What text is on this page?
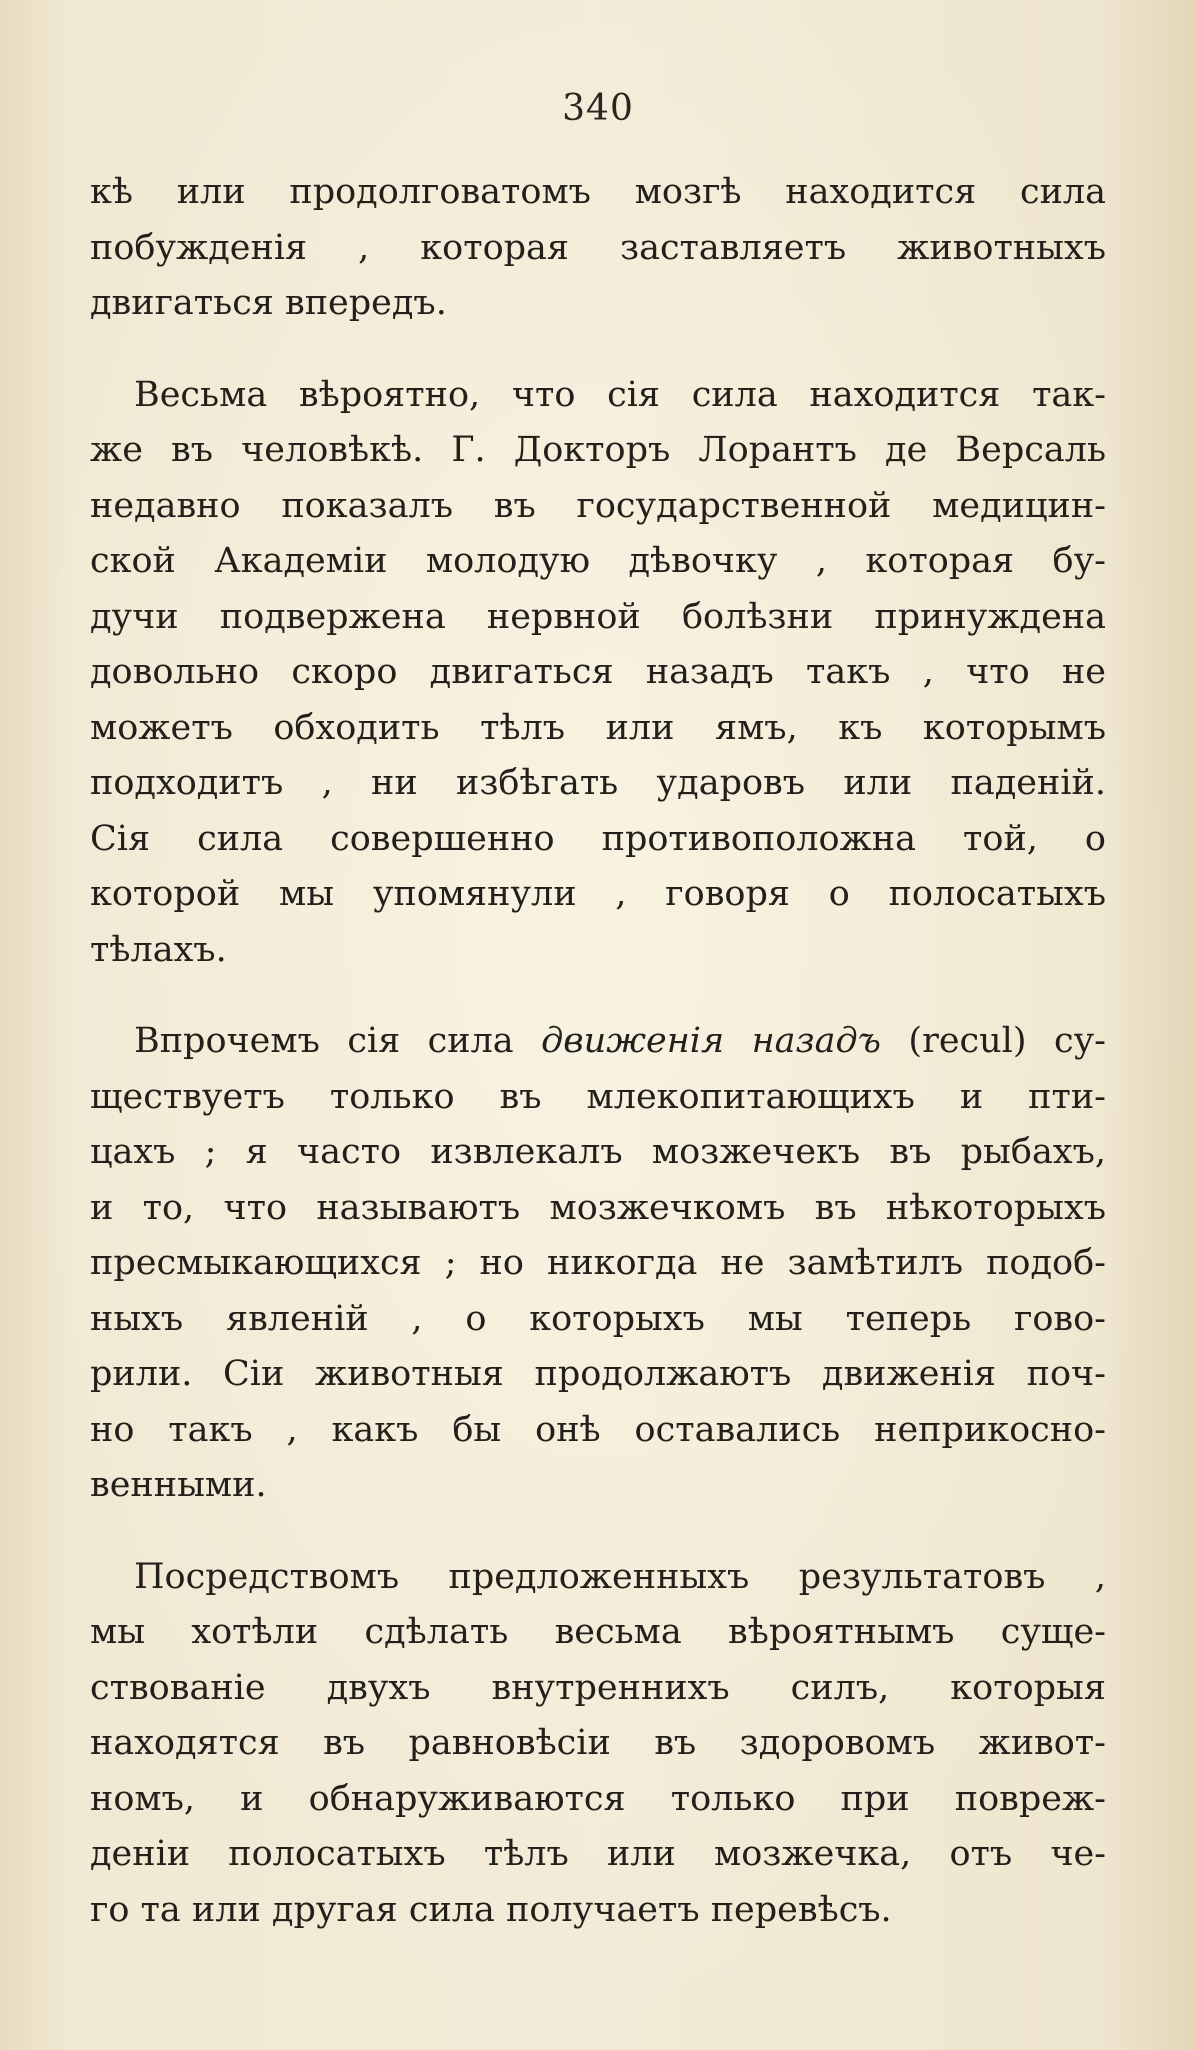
340
кѣ или продолговатомъ мозгѣ находится сила
побужденія , которая заставляетъ животныхъ
двигаться впередъ.
Весьма вѣроятно, что сія сила находится так-
же въ человѣкѣ. Г. Докторъ Лорантъ де Версаль
недавно показалъ въ государственной медицин-
ской Академіи молодую дѣвочку , которая бу-
дучи подвержена нервной болѣзни принуждена
довольно скоро двигаться назадъ такъ , что не
можетъ обходить тѣлъ или ямъ, къ которымъ
подходитъ , ни избѣгать ударовъ или паденій.
Сія сила совершенно противоположна той, о
которой мы упомянули , говоря о полосатыхъ
тѣлахъ.
Впрочемъ сія сила движенія назадъ (recul) су-
ществуетъ только въ млекопитающихъ и пти-
цахъ ; я часто извлекалъ мозжечекъ въ рыбахъ,
и то, что называютъ мозжечкомъ въ нѣкоторыхъ
пресмыкающихся ; но никогда не замѣтилъ подоб-
ныхъ явленій , о которыхъ мы теперь гово-
рили. Сіи животныя продолжаютъ движенія поч-
но такъ , какъ бы онѣ оставались неприкосно-
венными.
Посредствомъ предложенныхъ результатовъ ,
мы хотѣли сдѣлать весьма вѣроятнымъ суще-
ствованіе двухъ внутреннихъ силъ, которыя
находятся въ равновѣсіи въ здоровомъ живот-
номъ, и обнаруживаются только при повреж-
деніи полосатыхъ тѣлъ или мозжечка, отъ че-
го та или другая сила получаетъ перевѣсъ.
